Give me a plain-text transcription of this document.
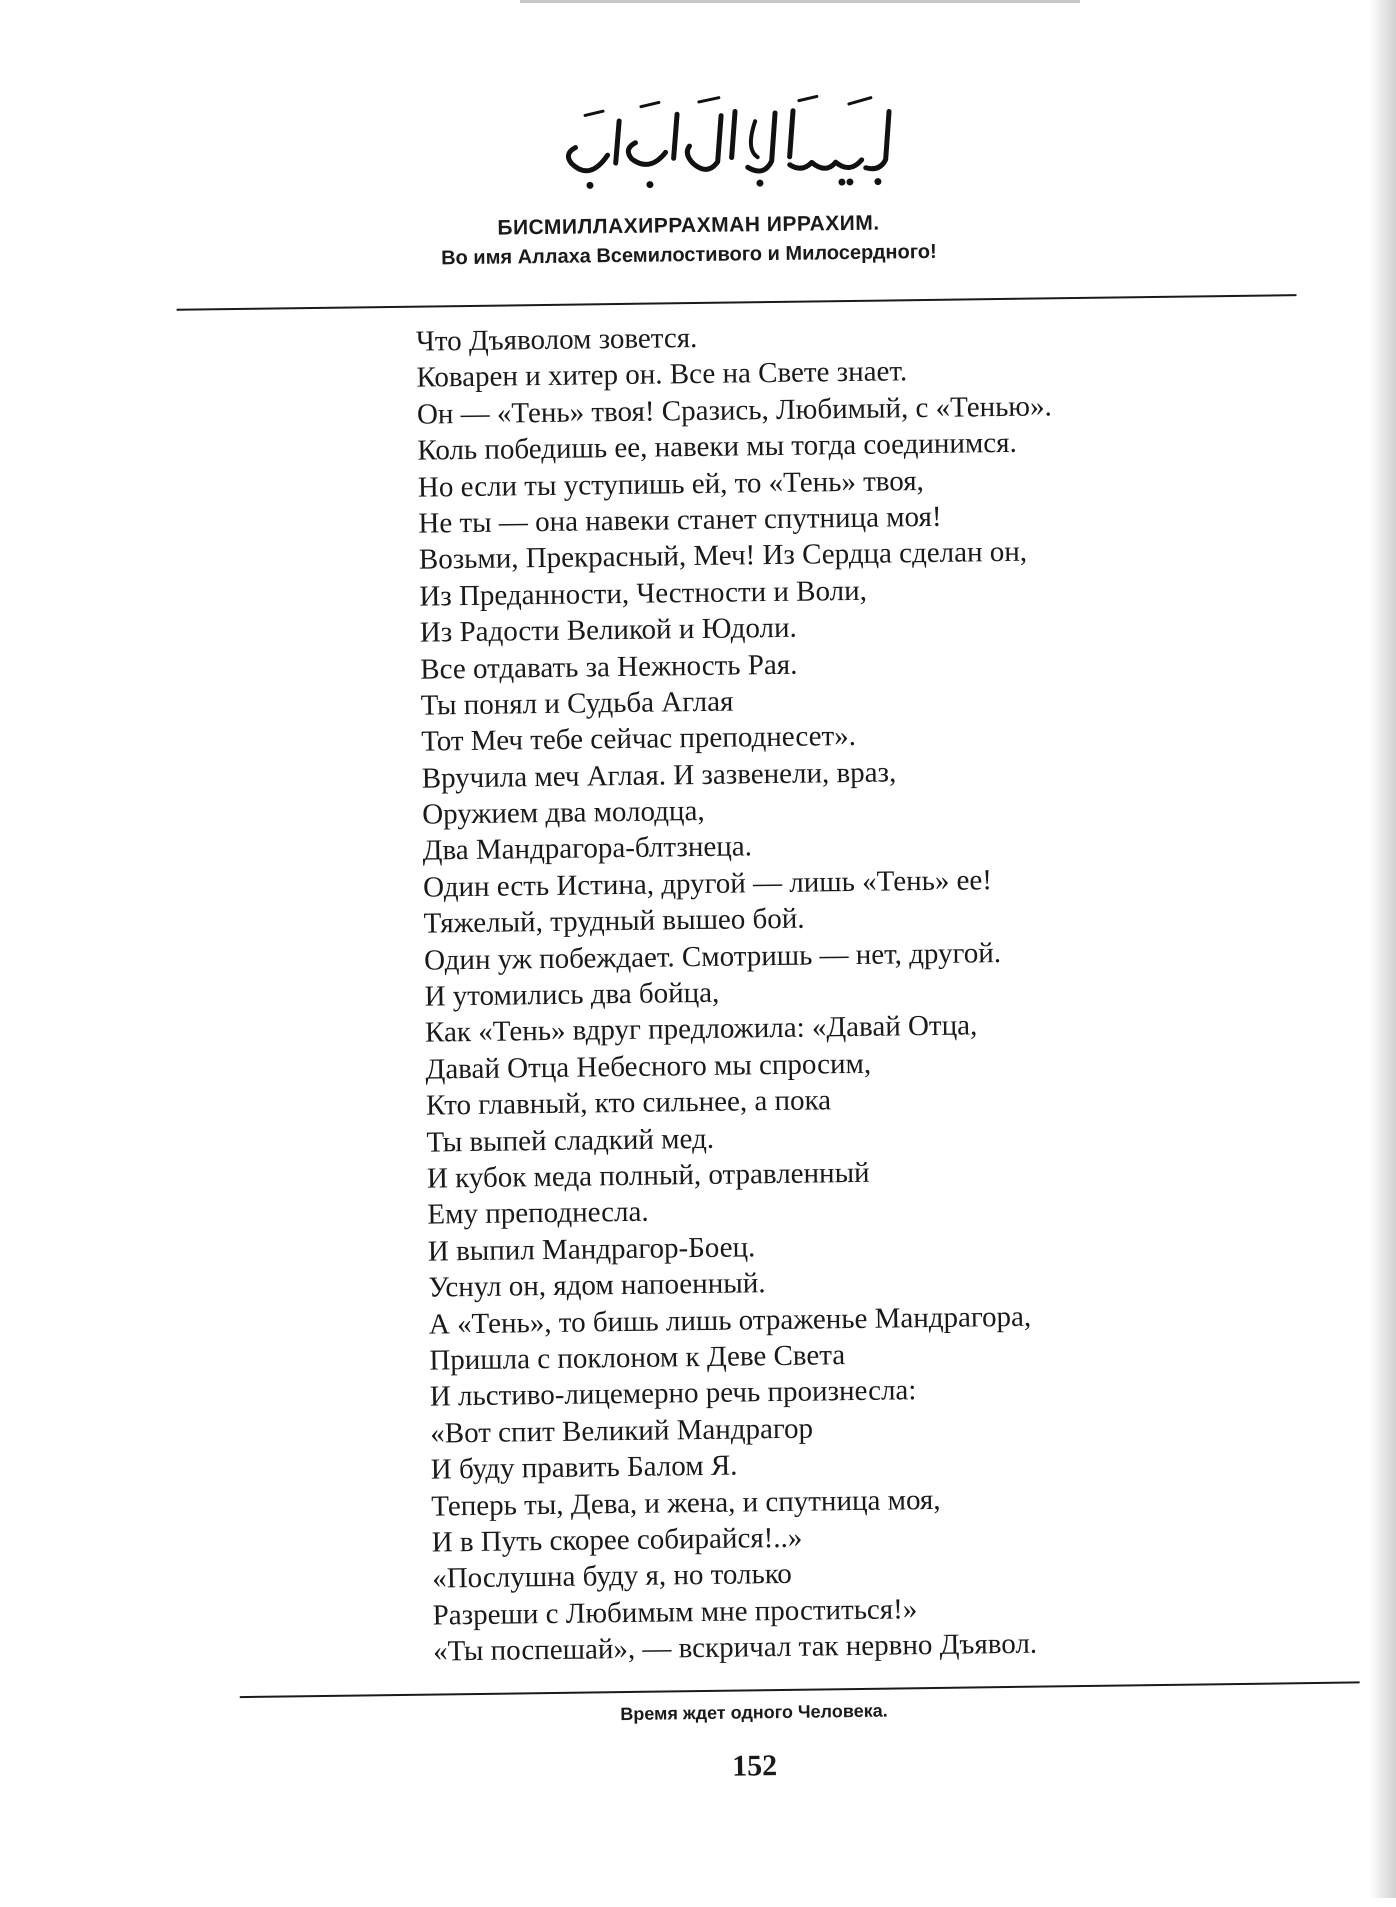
БИСМИЛЛАХИРРАХМАН ИРРАХИМ.
Во имя Аллаха Всемилостивого и Милосердного!
Что Дъяволом зовется.
Коварен и хитер он. Все на Свете знает.
Он — «Тень» твоя! Сразись, Любимый, с «Тенью».
Коль победишь ее, навеки мы тогда соединимся.
Но если ты уступишь ей, то «Тень» твоя,
Не ты — она навеки станет спутница моя!
Возьми, Прекрасный, Меч! Из Сердца сделан он,
Из Преданности, Честности и Воли,
Из Радости Великой и Юдоли.
Все отдавать за Нежность Рая.
Ты понял и Судьба Аглая
Тот Меч тебе сейчас преподнесет».
Вручила меч Аглая. И зазвенели, враз,
Оружием два молодца,
Два Мандрагора-блтзнеца.
Один есть Истина, другой — лишь «Тень» ее!
Тяжелый, трудный вышео бой.
Один уж побеждает. Смотришь — нет, другой.
И утомились два бойца,
Как «Тень» вдруг предложила: «Давай Отца,
Давай Отца Небесного мы спросим,
Кто главный, кто сильнее, а пока
Ты выпей сладкий мед.
И кубок меда полный, отравленный
Ему преподнесла.
И выпил Мандрагор-Боец.
Уснул он, ядом напоенный.
А «Тень», то бишь лишь отраженье Мандрагора,
Пришла с поклоном к Деве Света
И льстиво-лицемерно речь произнесла:
«Вот спит Великий Мандрагор
И буду править Балом Я.
Теперь ты, Дева, и жена, и спутница моя,
И в Путь скорее собирайся!..»
«Послушна буду я, но только
Разреши с Любимым мне проститься!»
«Ты поспешай», — вскричал так нервно Дъявол.
Время ждет одного Человека.
152
